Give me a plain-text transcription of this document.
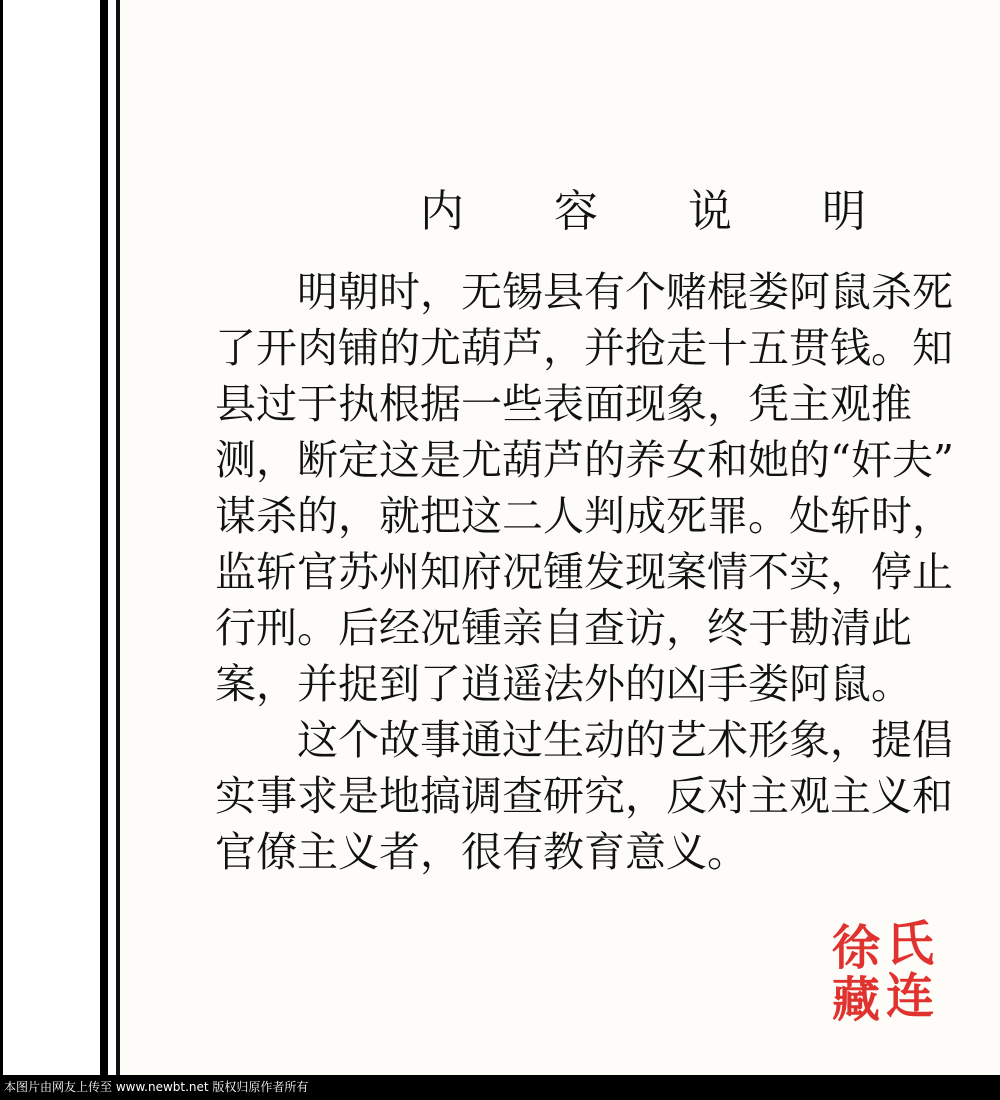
内 容 说 明
　　明朝时，无锡县有个赌棍娄阿鼠杀死
了开肉铺的尤葫芦，并抢走十五贯钱。知
县过于执根据一些表面现象，凭主观推
测，断定这是尤葫芦的养女和她的“奸夫”
谋杀的，就把这二人判成死罪。处斩时，
监斩官苏州知府况锺发现案情不实，停止
行刑。后经况锺亲自查访，终于勘清此
案，并捉到了逍遥法外的凶手娄阿鼠。
　　这个故事通过生动的艺术形象，提倡
实事求是地搞调查研究，反对主观主义和
官僚主义者，很有教育意义。
徐 氏
藏 连
本图片由网友上传至 www.newbt.net 版权归原作者所有
